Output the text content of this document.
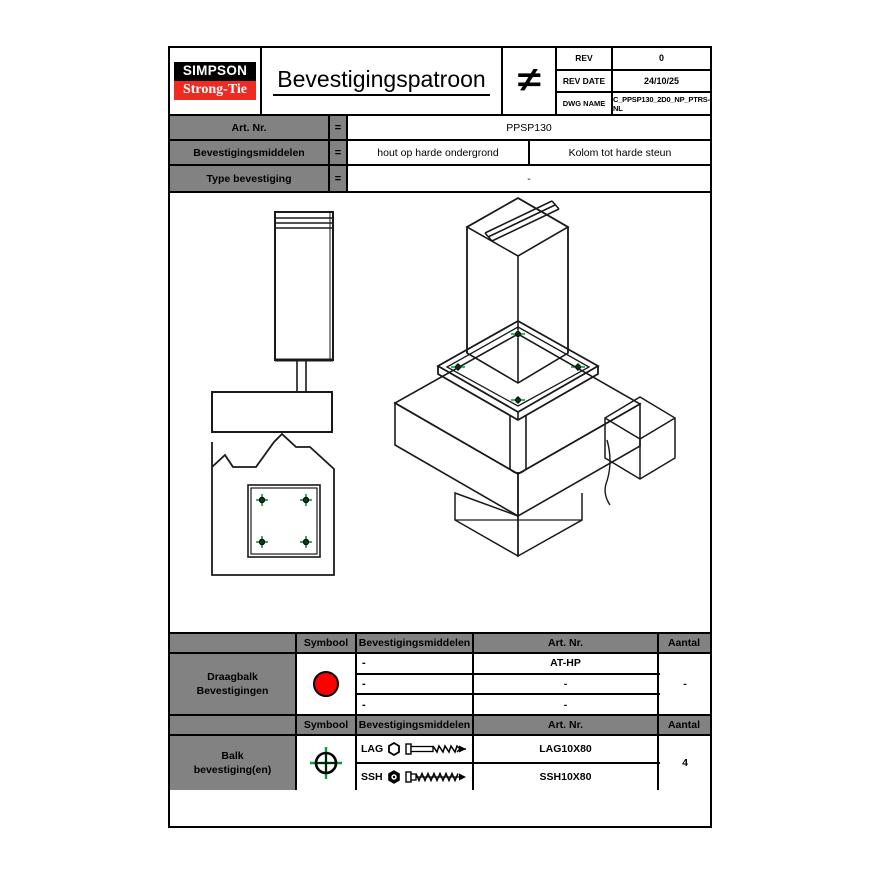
SIMPSON
Strong-Tie	Bevestigingspatroon ≠
REV	0
REV DATE	24/10/25
DWG NAME	C_PPSP130_2D0_NP_PTRS-NL
Art. Nr.	=	PPSP130
Bevestigingsmiddelen	=	hout op harde ondergrond	Kolom tot harde steun
Type bevestiging	=	-
Symbool	Bevestigingsmiddelen	Art. Nr.	Aantal
Draagbalk
Bevestigingen
-	AT-HP
-	-
-	-
-
Symbool	Bevestigingsmiddelen	Art. Nr.	Aantal
Balk
bevestiging(en)
LAG	LAG10X80
SSH	SSH10X80
4
